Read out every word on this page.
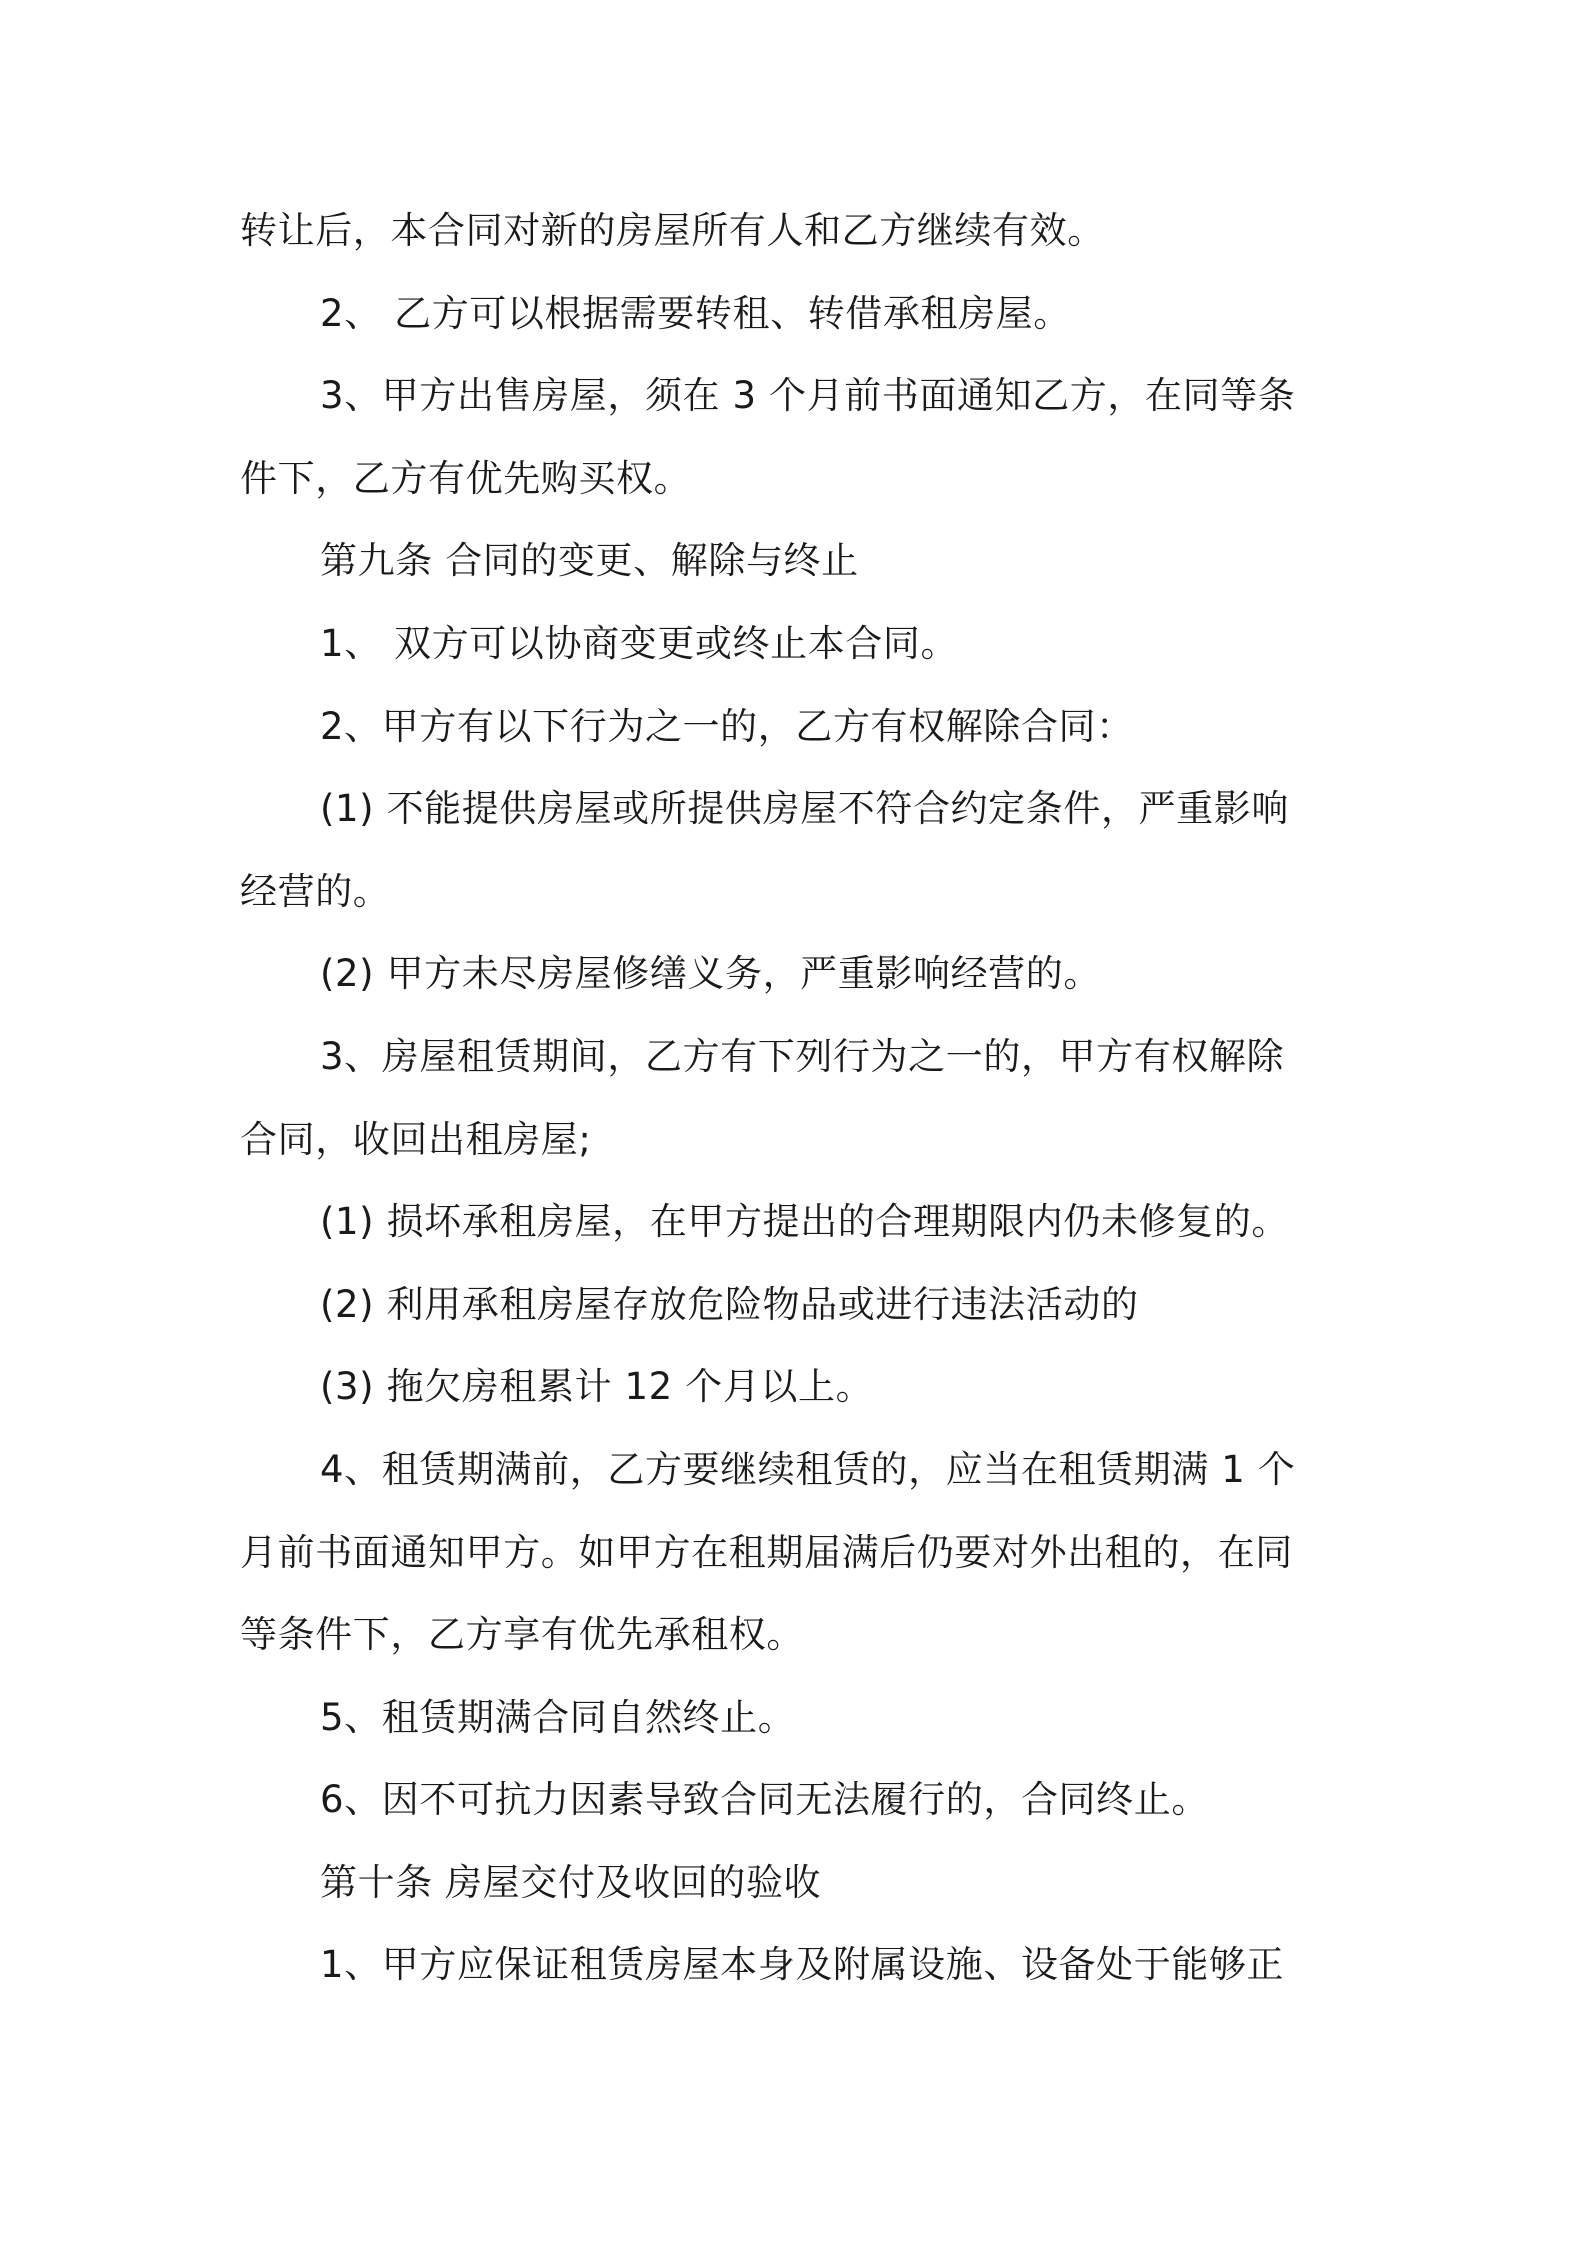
转让后，本合同对新的房屋所有人和乙方继续有效。
2、 乙方可以根据需要转租、转借承租房屋。
3、甲方出售房屋，须在 3 个月前书面通知乙方，在同等条
件下，乙方有优先购买权。
第九条 合同的变更、解除与终止
1、 双方可以协商变更或终止本合同。
2、甲方有以下行为之一的，乙方有权解除合同：
(1) 不能提供房屋或所提供房屋不符合约定条件，严重影响
经营的。
(2) 甲方未尽房屋修缮义务，严重影响经营的。
3、房屋租赁期间，乙方有下列行为之一的，甲方有权解除
合同，收回出租房屋;
(1) 损坏承租房屋，在甲方提出的合理期限内仍未修复的。
(2) 利用承租房屋存放危险物品或进行违法活动的
(3) 拖欠房租累计 12 个月以上。
4、租赁期满前，乙方要继续租赁的，应当在租赁期满 1 个
月前书面通知甲方。如甲方在租期届满后仍要对外出租的，在同
等条件下，乙方享有优先承租权。
5、租赁期满合同自然终止。
6、因不可抗力因素导致合同无法履行的，合同终止。
第十条 房屋交付及收回的验收
1、甲方应保证租赁房屋本身及附属设施、设备处于能够正
